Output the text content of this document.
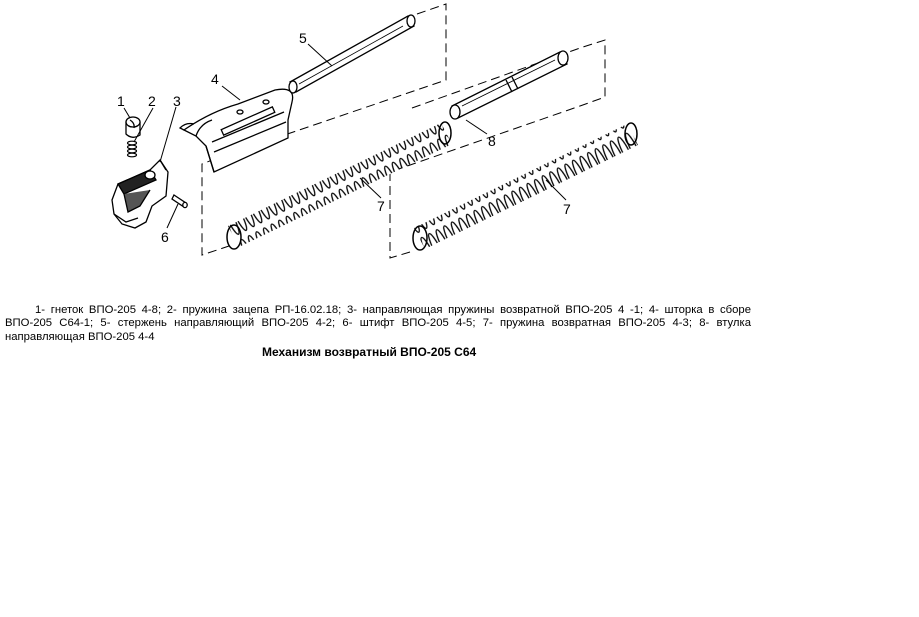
1 2 3
4
5
6
7	7
8

1- гнеток ВПО-205 4-8; 2- пружина зацепа РП-16.02.18; 3- направляющая пружины возвратной ВПО-205 4 -1; 4- шторка в сборе ВПО-205 С64-1; 5- стержень направляющий ВПО-205 4-2; 6- штифт ВПО-205 4-5; 7- пружина возвратная ВПО-205 4-3; 8- втулка направляющая ВПО-205 4-4

Механизм возвратный ВПО-205 С64
